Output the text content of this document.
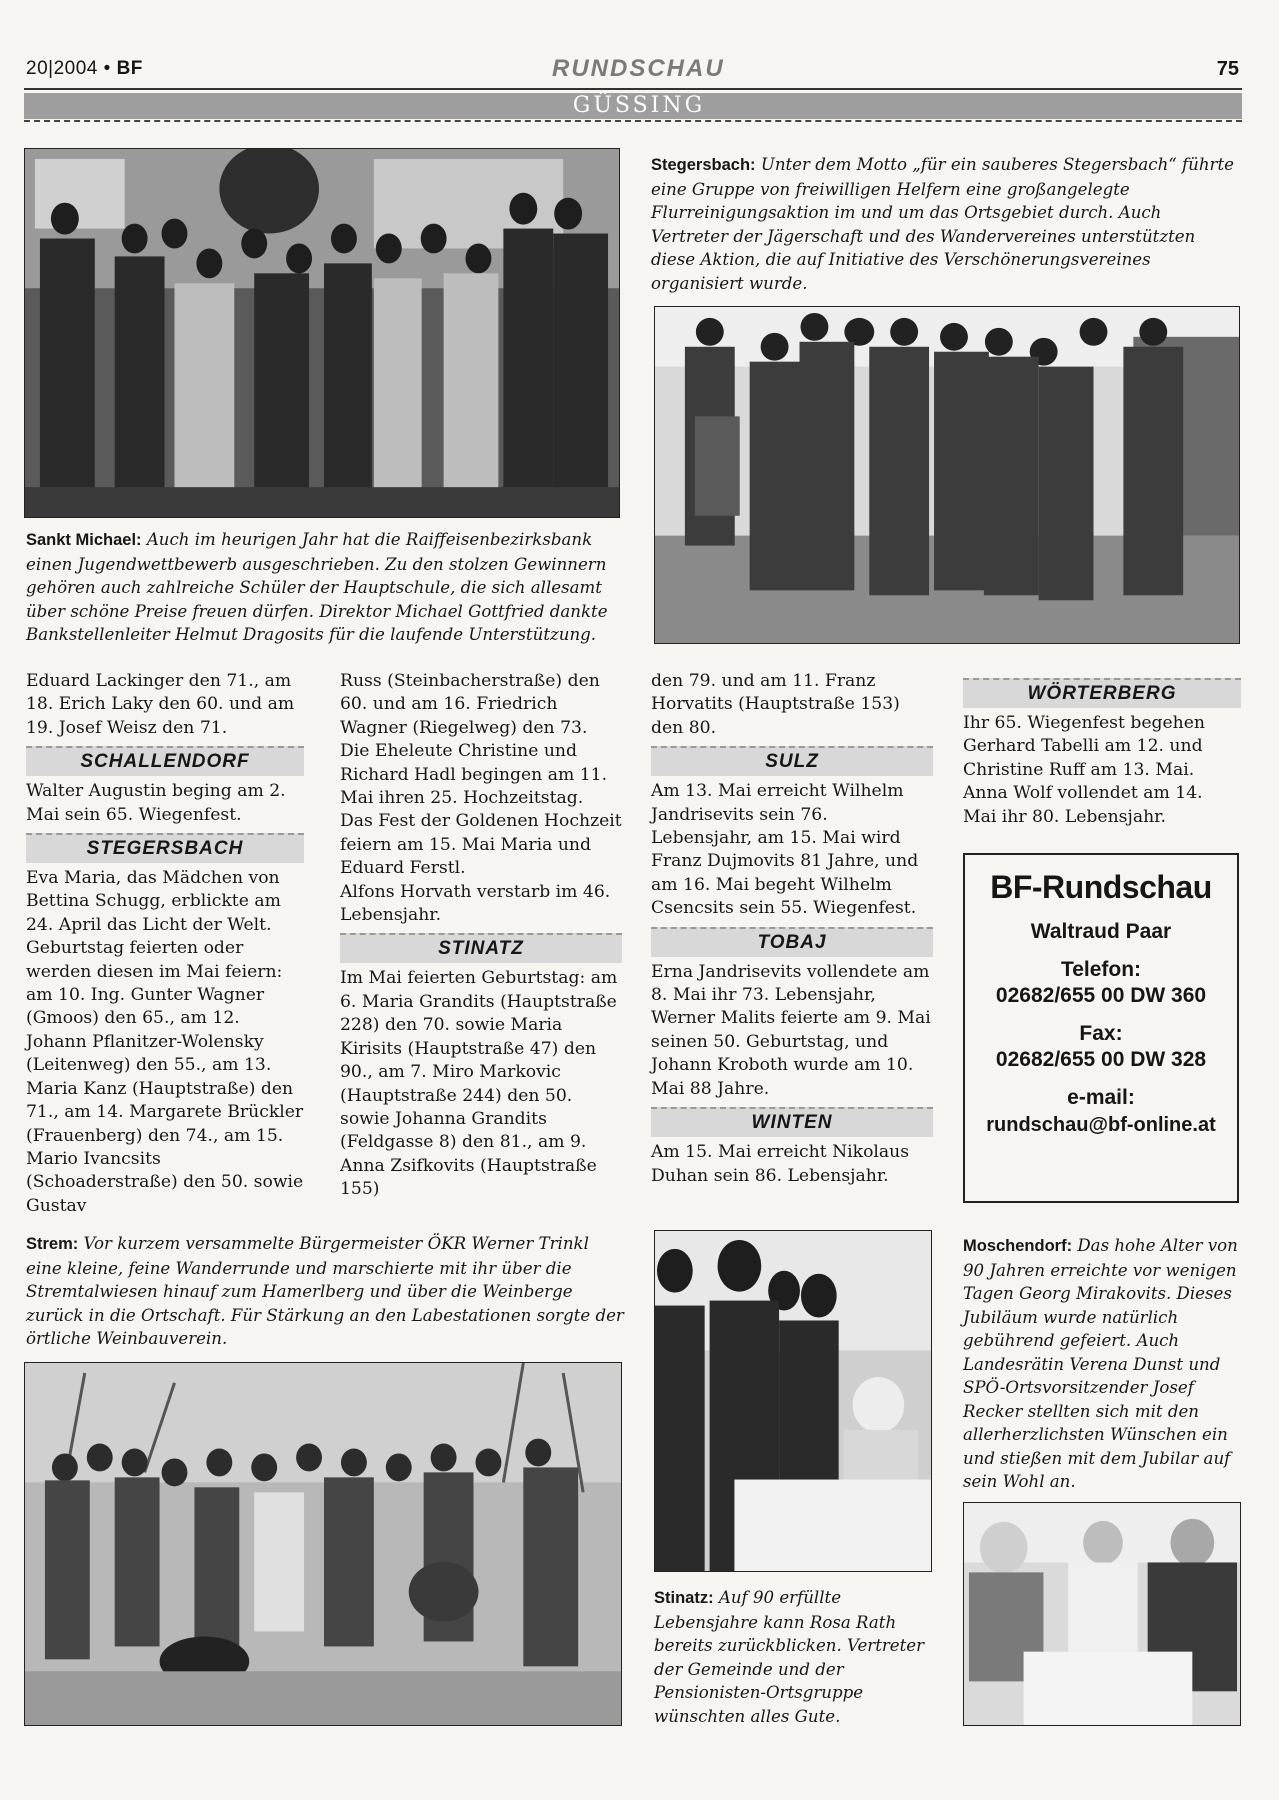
20|2004 • BF	RUNDSCHAU	75
GÜSSING
Stegersbach: Unter dem Motto „für ein sauberes Stegersbach“ führte eine Gruppe von freiwilligen Helfern eine großangelegte Flurreinigungsaktion im und um das Ortsgebiet durch. Auch Vertreter der Jägerschaft und des Wandervereines unterstützten diese Aktion, die auf Initiative des Verschönerungsvereines organisiert wurde.
Sankt Michael: Auch im heurigen Jahr hat die Raiffeisenbezirksbank einen Jugendwettbewerb ausgeschrieben. Zu den stolzen Gewinnern gehören auch zahlreiche Schüler der Hauptschule, die sich allesamt über schöne Preise freuen dürfen. Direktor Michael Gottfried dankte Bankstellenleiter Helmut Dragosits für die laufende Unterstützung.

Eduard Lackinger den 71., am 18. Erich Laky den 60. und am 19. Josef Weisz den 71.

SCHALLENDORF

Walter Augustin beging am 2. Mai sein 65. Wiegenfest.

STEGERSBACH

Eva Maria, das Mädchen von Bettina Schugg, erblickte am 24. April das Licht der Welt. Geburtstag feierten oder werden diesen im Mai feiern: am 10. Ing. Gunter Wagner (Gmoos) den 65., am 12. Johann Pflanitzer-Wolensky (Leitenweg) den 55., am 13. Maria Kanz (Hauptstraße) den 71., am 14. Margarete Brückler (Frauenberg) den 74., am 15. Mario Ivancsits (Schoaderstraße) den 50. sowie Gustav

Russ (Steinbacherstraße) den 60. und am 16. Friedrich Wagner (Riegelweg) den 73.

Die Eheleute Christine und Richard Hadl begingen am 11. Mai ihren 25. Hochzeitstag.

Das Fest der Goldenen Hochzeit feiern am 15. Mai Maria und Eduard Ferstl.

Alfons Horvath verstarb im 46. Lebensjahr.

STINATZ

Im Mai feierten Geburtstag: am 6. Maria Grandits (Hauptstraße 228) den 70. sowie Maria Kirisits (Hauptstraße 47) den 90., am 7. Miro Markovic (Hauptstraße 244) den 50. sowie Johanna Grandits (Feldgasse 8) den 81., am 9. Anna Zsifkovits (Hauptstraße 155)

den 79. und am 11. Franz Horvatits (Hauptstraße 153) den 80.

SULZ

Am 13. Mai erreicht Wilhelm Jandrisevits sein 76. Lebensjahr, am 15. Mai wird Franz Dujmovits 81 Jahre, und am 16. Mai begeht Wilhelm Csencsits sein 55. Wiegenfest.

TOBAJ

Erna Jandrisevits vollendete am 8. Mai ihr 73. Lebensjahr, Werner Malits feierte am 9. Mai seinen 50. Geburtstag, und Johann Kroboth wurde am 10. Mai 88 Jahre.

WINTEN

Am 15. Mai erreicht Nikolaus Duhan sein 86. Lebensjahr.

WÖRTERBERG

Ihr 65. Wiegenfest begehen Gerhard Tabelli am 12. und Christine Ruff am 13. Mai. Anna Wolf vollendet am 14. Mai ihr 80. Lebensjahr.

BF-Rundschau
Waltraud Paar
Telefon:
02682/655 00 DW 360
Fax:
02682/655 00 DW 328
e-mail:
rundschau@bf-online.at
Strem: Vor kurzem versammelte Bürgermeister ÖKR Werner Trinkl eine kleine, feine Wanderrunde und marschierte mit ihr über die Stremtalwiesen hinauf zum Hamerlberg und über die Weinberge zurück in die Ortschaft. Für Stärkung an den Labestationen sorgte der örtliche Weinbauverein.
Stinatz: Auf 90 erfüllte Lebensjahre kann Rosa Rath bereits zurückblicken. Vertreter der Gemeinde und der Pensionisten-Ortsgruppe wünschten alles Gute.
Moschendorf: Das hohe Alter von 90 Jahren erreichte vor wenigen Tagen Georg Mirakovits. Dieses Jubiläum wurde natürlich gebührend gefeiert. Auch Landesrätin Verena Dunst und SPÖ-Ortsvorsitzender Josef Recker stellten sich mit den allerherzlichsten Wünschen ein und stießen mit dem Jubilar auf sein Wohl an.
